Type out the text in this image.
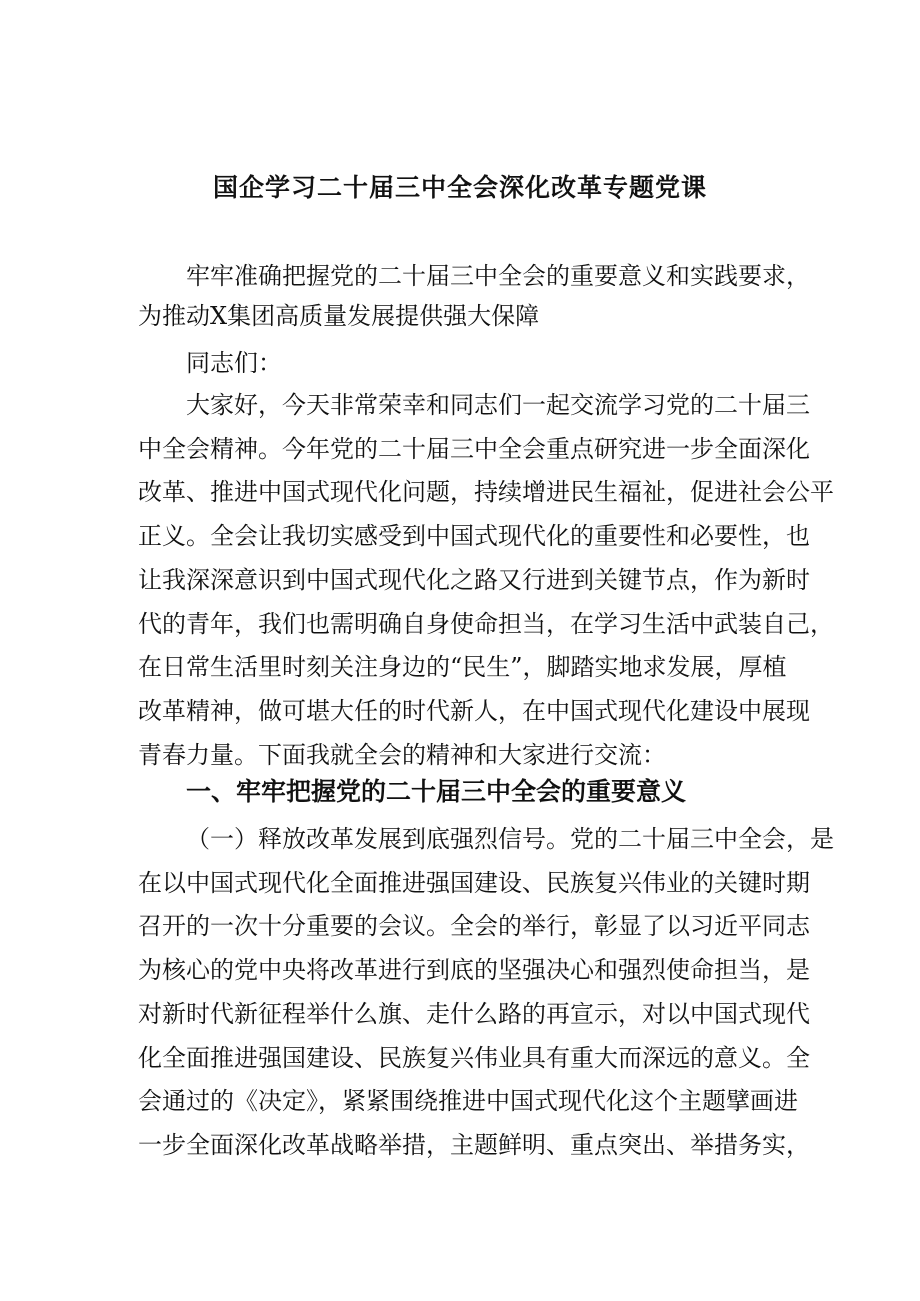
国企学习二十届三中全会深化改革专题党课
牢牢准确把握党的二十届三中全会的重要意义和实践要求，
为推动X集团高质量发展提供强大保障
同志们：
大家好，今天非常荣幸和同志们一起交流学习党的二十届三
中全会精神。今年党的二十届三中全会重点研究进一步全面深化
改革、推进中国式现代化问题，持续增进民生福祉，促进社会公平
正义。全会让我切实感受到中国式现代化的重要性和必要性，也
让我深深意识到中国式现代化之路又行进到关键节点，作为新时
代的青年，我们也需明确自身使命担当，在学习生活中武装自己，
在日常生活里时刻关注身边的“民生”，脚踏实地求发展，厚植
改革精神，做可堪大任的时代新人，在中国式现代化建设中展现
青春力量。下面我就全会的精神和大家进行交流：
一、牢牢把握党的二十届三中全会的重要意义
（一）释放改革发展到底强烈信号。党的二十届三中全会，是
在以中国式现代化全面推进强国建设、民族复兴伟业的关键时期
召开的一次十分重要的会议。全会的举行，彰显了以习近平同志
为核心的党中央将改革进行到底的坚强决心和强烈使命担当，是
对新时代新征程举什么旗、走什么路的再宣示，对以中国式现代
化全面推进强国建设、民族复兴伟业具有重大而深远的意义。全
会通过的《决定》，紧紧围绕推进中国式现代化这个主题擘画进
一步全面深化改革战略举措，主题鲜明、重点突出、举措务实，
